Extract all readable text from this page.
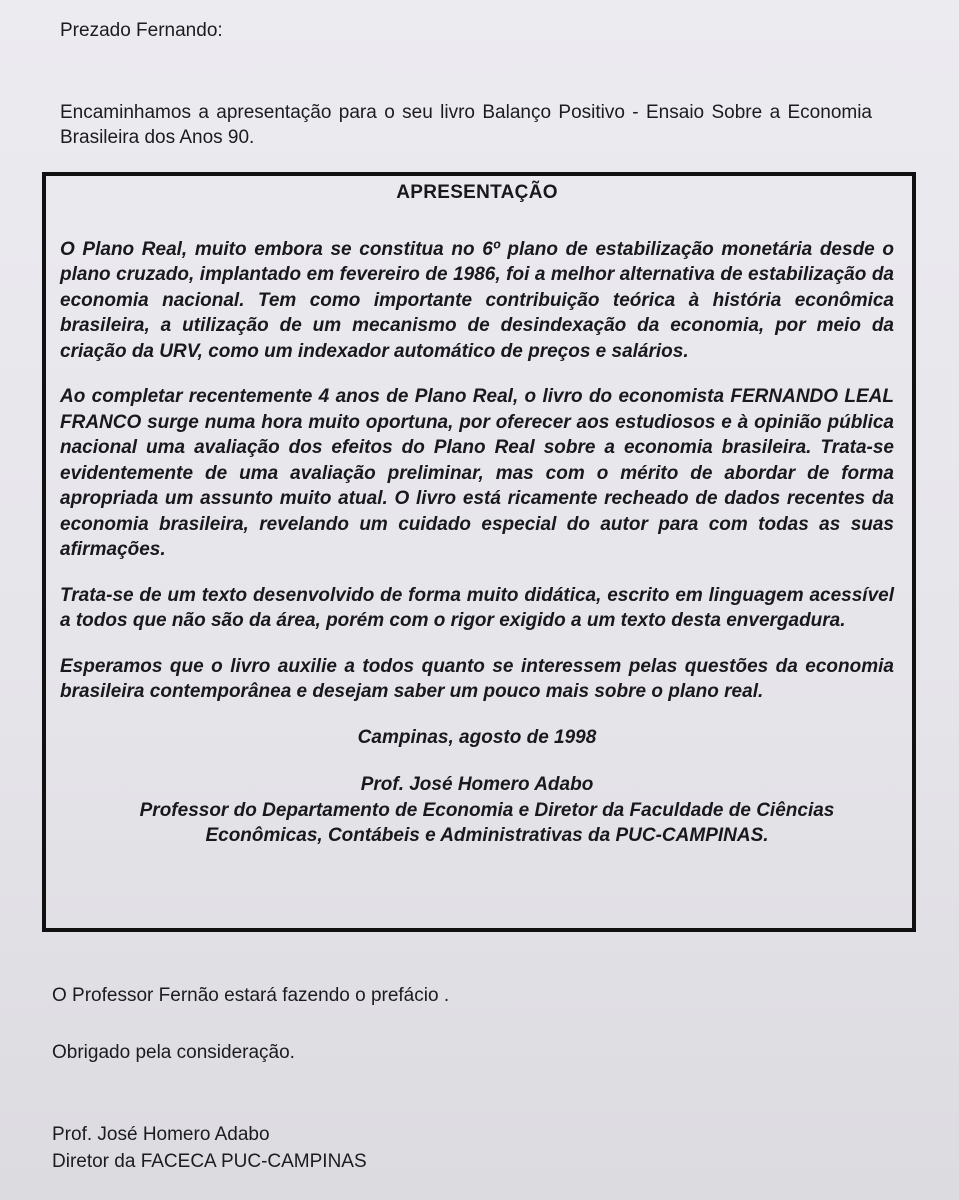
Prezado Fernando:

Encaminhamos a apresentação para o seu livro Balanço Positivo - Ensaio Sobre a Economia Brasileira dos Anos 90.

APRESENTAÇÃO

O Plano Real, muito embora se constitua no 6º plano de estabilização monetária desde o plano cruzado, implantado em fevereiro de 1986, foi a melhor alternativa de estabilização da economia nacional. Tem como importante contribuição teórica à história econômica brasileira, a utilização de um mecanismo de desindexação da economia, por meio da criação da URV, como um indexador automático de preços e salários.

Ao completar recentemente 4 anos de Plano Real, o livro do economista FERNANDO LEAL FRANCO surge numa hora muito oportuna, por oferecer aos estudiosos e à opinião pública nacional uma avaliação dos efeitos do Plano Real sobre a economia brasileira. Trata-se evidentemente de uma avaliação preliminar, mas com o mérito de abordar de forma apropriada um assunto muito atual. O livro está ricamente recheado de dados recentes da economia brasileira, revelando um cuidado especial do autor para com todas as suas afirmações.

Trata-se de um texto desenvolvido de forma muito didática, escrito em linguagem acessível a todos que não são da área, porém com o rigor exigido a um texto desta envergadura.

Esperamos que o livro auxilie a todos quanto se interessem pelas questões da economia brasileira contemporânea e desejam saber um pouco mais sobre o plano real.

Campinas, agosto de 1998

Prof. José Homero Adabo

Professor do Departamento de Economia e Diretor da Faculdade de Ciências

Econômicas, Contábeis e Administrativas da PUC-CAMPINAS.

O Professor Fernão estará fazendo o prefácio .

Obrigado pela consideração.

Prof. José Homero Adabo

Diretor da FACECA PUC-CAMPINAS
